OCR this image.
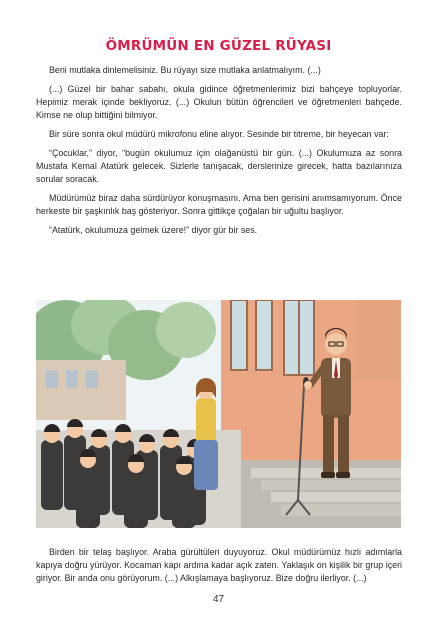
ÖMRÜMÜN EN GÜZEL RÜYASI

Beni mutlaka dinlemelisiniz. Bu rüyayı size mutlaka anlatmalıyım. (...)

(...) Güzel bir bahar sabahı, okula gidince öğretmenlerimiz bizi bahçeye topluyorlar. Hepimiz merak içinde bekliyoruz. (...) Okulun bütün öğrencileri ve öğretmenleri bahçede. Kimse ne olup bittiğini bilmiyor.

Bir süre sonra okul müdürü mikrofonu eline alıyor. Sesinde bir titreme, bir heyecan var:

“Çocuklar,” diyor, “bugün okulumuz için olağanüstü bir gün. (...) Okulumuza az sonra Mustafa Kemal Atatürk gelecek. Sizlerle tanışacak, derslerinize girecek, hatta bazılarınıza sorular soracak.

Müdürümüz biraz daha sürdürüyor konuşmasını. Ama ben gerisini anımsamıyorum. Önce herkeste bir şaşkınlık baş gösteriyor. Sonra gittikçe çoğalan bir uğultu başlıyor.

“Atatürk, okulumuza gelmek üzere!” diyor gür bir ses.

Birden bir telaş başlıyor. Araba gürültüleri duyuyoruz. Okul müdürümüz hızlı adımlarla kapıya doğru yürüyor. Kocaman kapı ardına kadar açık zaten. Yaklaşık on kişilik bir grup içeri giriyor. Bir anda onu görüyorum. (...) Alkışlamaya başlıyoruz. Bize doğru ilerliyor. (...)

47
